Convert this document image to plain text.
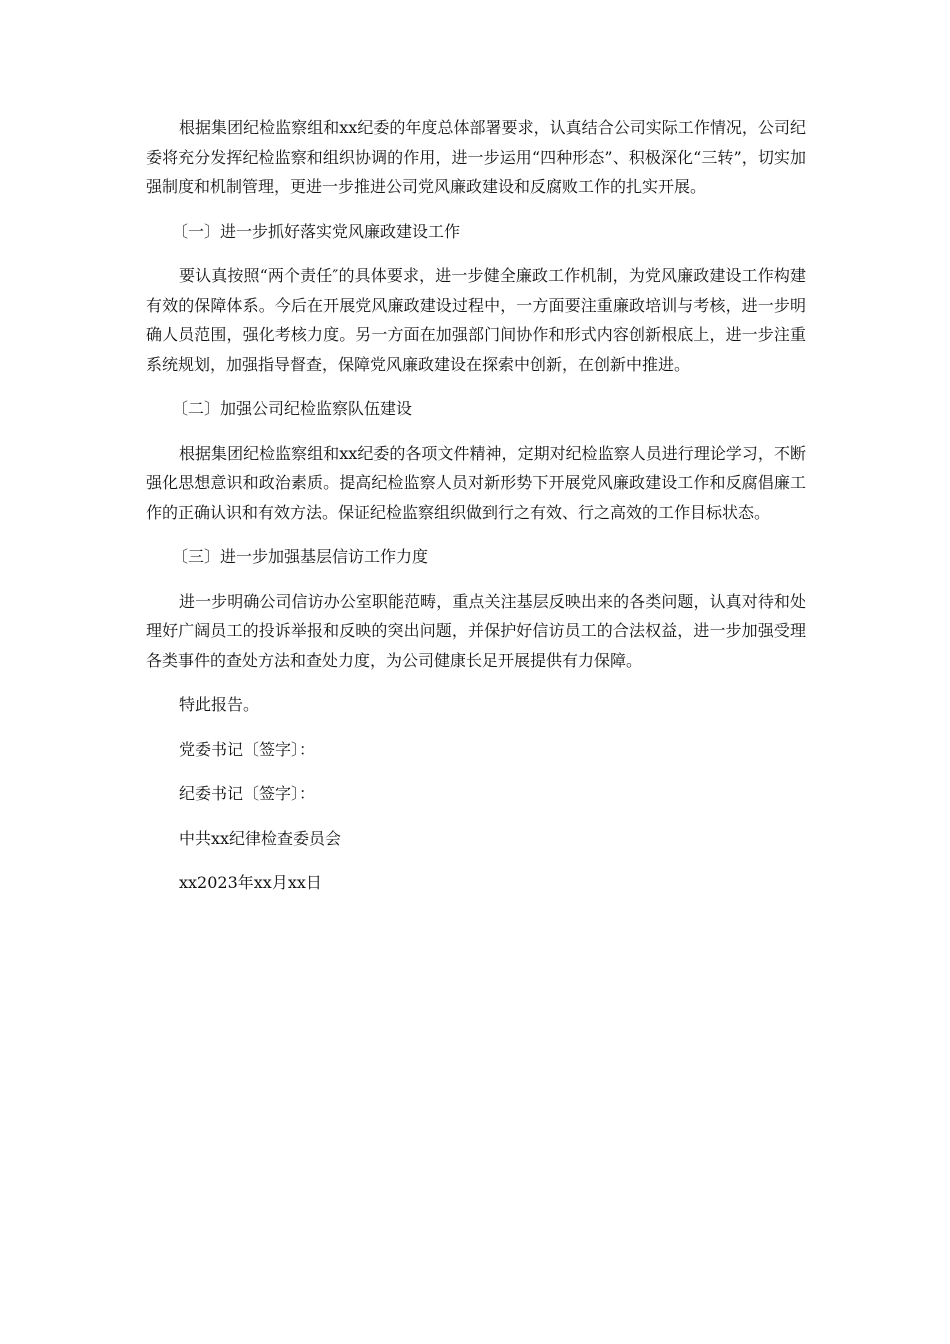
根据集团纪检监察组和xx纪委的年度总体部署要求，认真结合公司实际工作情况，公司纪委将充分发挥纪检监察和组织协调的作用，进一步运用“四种形态”、积极深化“三转”，切实加强制度和机制管理，更进一步推进公司党风廉政建设和反腐败工作的扎实开展。

〔一〕进一步抓好落实党风廉政建设工作

要认真按照“两个责任″的具体要求，进一步健全廉政工作机制，为党风廉政建设工作构建有效的保障体系。今后在开展党风廉政建设过程中，一方面要注重廉政培训与考核，进一步明确人员范围，强化考核力度。另一方面在加强部门间协作和形式内容创新根底上，进一步注重系统规划，加强指导督查，保障党风廉政建设在探索中创新，在创新中推进。

〔二〕加强公司纪检监察队伍建设

根据集团纪检监察组和xx纪委的各项文件精神，定期对纪检监察人员进行理论学习，不断强化思想意识和政治素质。提高纪检监察人员对新形势下开展党风廉政建设工作和反腐倡廉工作的正确认识和有效方法。保证纪检监察组织做到行之有效、行之高效的工作目标状态。

〔三〕进一步加强基层信访工作力度

进一步明确公司信访办公室职能范畴，重点关注基层反映出来的各类问题，认真对待和处理好广阔员工的投诉举报和反映的突出问题，并保护好信访员工的合法权益，进一步加强受理各类事件的查处方法和查处力度，为公司健康长足开展提供有力保障。

特此报告。

党委书记〔签字〕：

纪委书记〔签字〕：

中共xx纪律检查委员会

xx2023年xx月xx日
